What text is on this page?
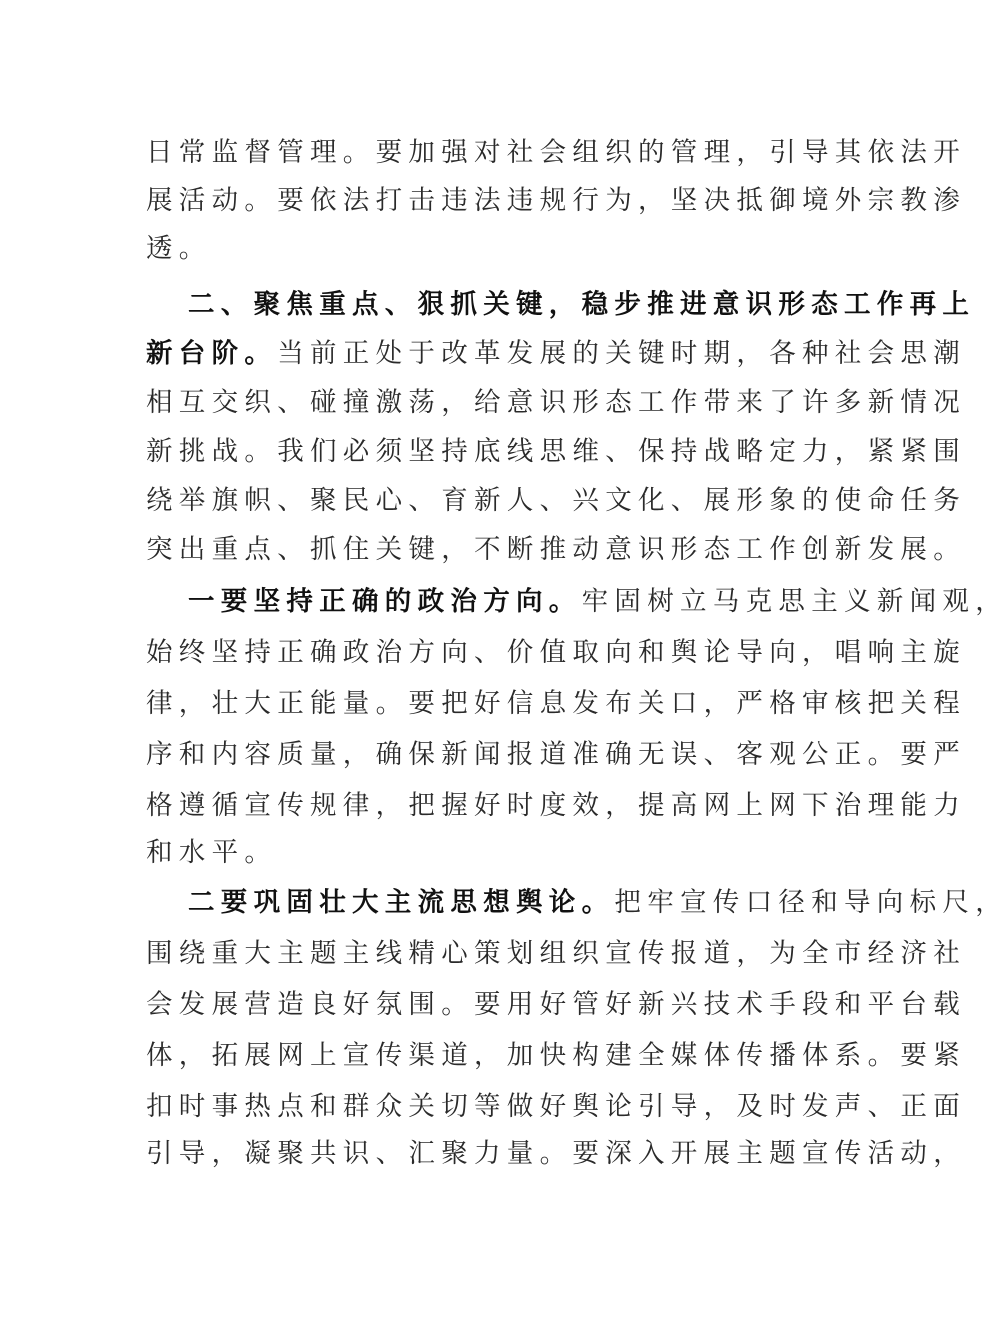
日常监督管理。要加强对社会组织的管理，引导其依法开
展活动。要依法打击违法违规行为，坚决抵御境外宗教渗
透。
二、聚焦重点、狠抓关键，稳步推进意识形态工作再上
新台阶。当前正处于改革发展的关键时期，各种社会思潮
相互交织、碰撞激荡，给意识形态工作带来了许多新情况
新挑战。我们必须坚持底线思维、保持战略定力，紧紧围
绕举旗帜、聚民心、育新人、兴文化、展形象的使命任务
突出重点、抓住关键，不断推动意识形态工作创新发展。
一要坚持正确的政治方向。牢固树立马克思主义新闻观，
始终坚持正确政治方向、价值取向和舆论导向，唱响主旋
律，壮大正能量。要把好信息发布关口，严格审核把关程
序和内容质量，确保新闻报道准确无误、客观公正。要严
格遵循宣传规律，把握好时度效，提高网上网下治理能力
和水平。
二要巩固壮大主流思想舆论。把牢宣传口径和导向标尺，
围绕重大主题主线精心策划组织宣传报道，为全市经济社
会发展营造良好氛围。要用好管好新兴技术手段和平台载
体，拓展网上宣传渠道，加快构建全媒体传播体系。要紧
扣时事热点和群众关切等做好舆论引导，及时发声、正面
引导，凝聚共识、汇聚力量。要深入开展主题宣传活动，
